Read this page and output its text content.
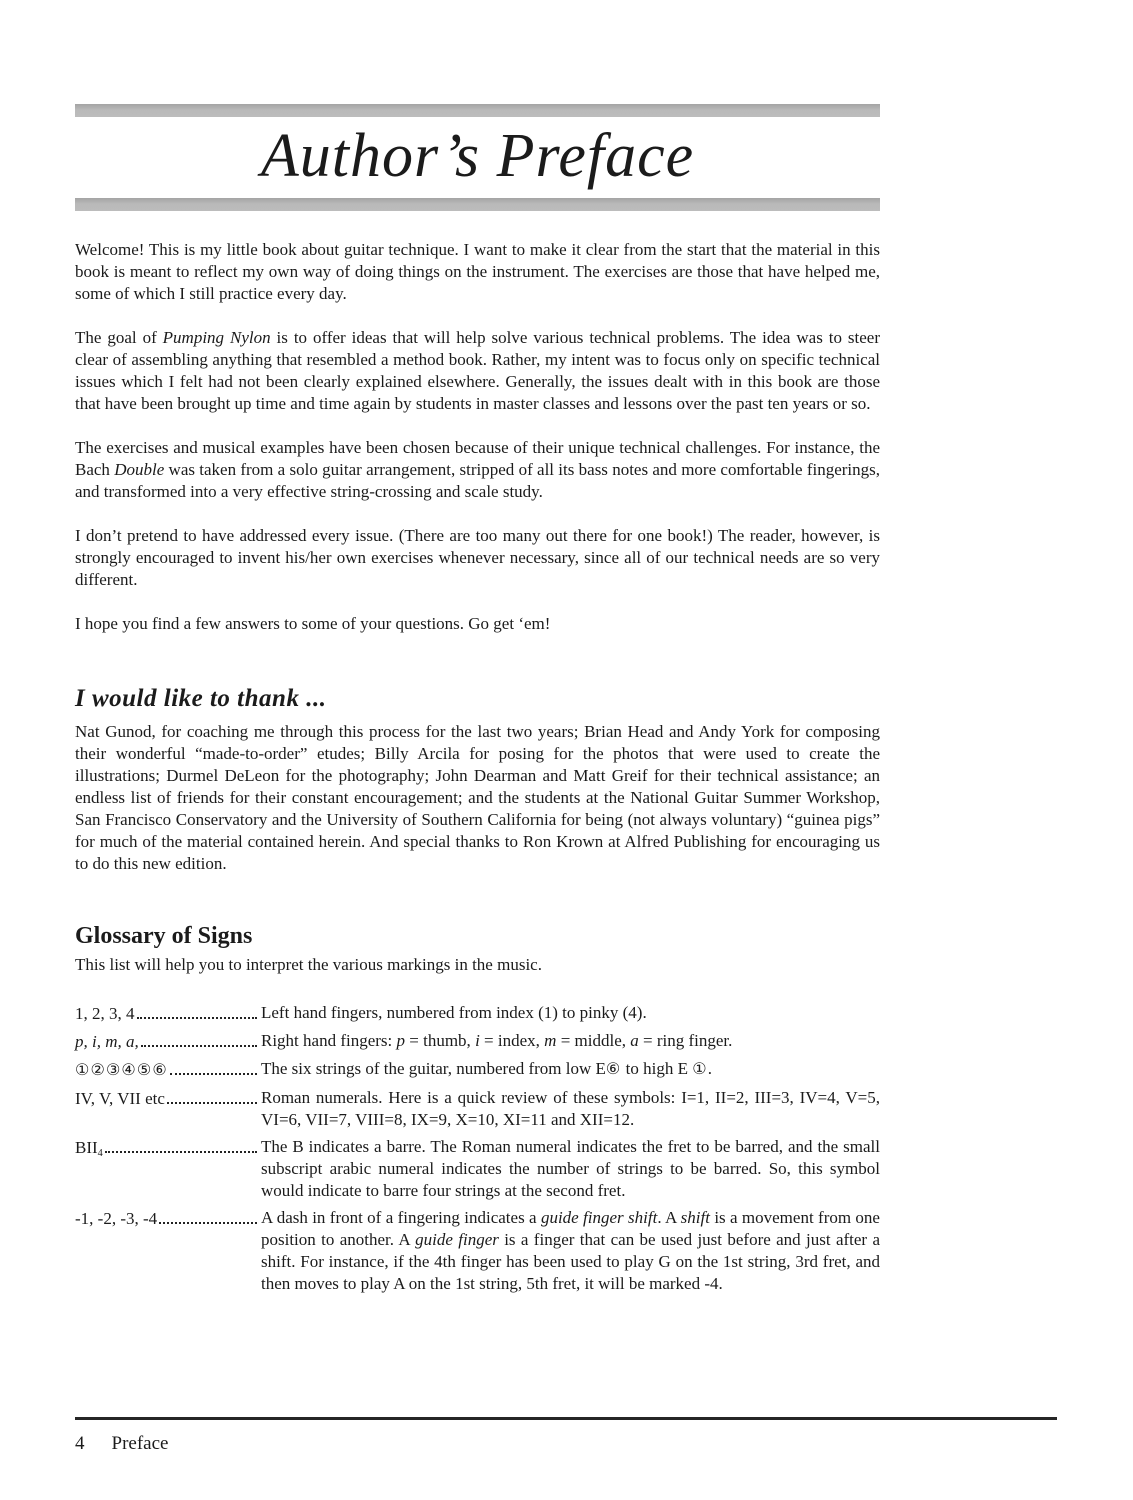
Author’s Preface

Welcome! This is my little book about guitar technique. I want to make it clear from the start that the material in this book is meant to reflect my own way of doing things on the instrument. The exercises are those that have helped me, some of which I still practice every day.

The goal of Pumping Nylon is to offer ideas that will help solve various technical problems. The idea was to steer clear of assembling anything that resembled a method book. Rather, my intent was to focus only on specific technical issues which I felt had not been clearly explained elsewhere. Generally, the issues dealt with in this book are those that have been brought up time and time again by students in master classes and lessons over the past ten years or so.

The exercises and musical examples have been chosen because of their unique technical challenges. For instance, the Bach Double was taken from a solo guitar arrangement, stripped of all its bass notes and more comfortable fingerings, and transformed into a very effective string-crossing and scale study.

I don’t pretend to have addressed every issue. (There are too many out there for one book!) The reader, however, is strongly encouraged to invent his/her own exercises whenever necessary, since all of our technical needs are so very different.

I hope you find a few answers to some of your questions. Go get ‘em!

I would like to thank ...

Nat Gunod, for coaching me through this process for the last two years; Brian Head and Andy York for composing their wonderful “made-to-order” etudes; Billy Arcila for posing for the photos that were used to create the illustrations; Durmel DeLeon for the photography; John Dearman and Matt Greif for their technical assistance; an endless list of friends for their constant encouragement; and the students at the National Guitar Summer Workshop, San Francisco Conservatory and the University of Southern California for being (not always voluntary) “guinea pigs” for much of the material contained herein. And special thanks to Ron Krown at Alfred Publishing for encouraging us to do this new edition.

Glossary of Signs

This list will help you to interpret the various markings in the music.

1, 2, 3, 4	Left hand fingers, numbered from index (1) to pinky (4).
p, i, m, a,	Right hand fingers: p = thumb, i = index, m = middle, a = ring finger.
①②③④⑤⑥	The six strings of the guitar, numbered from low E⑥ to high E ①.
IV, V, VII etc	Roman numerals. Here is a quick review of these symbols: I=1, II=2, III=3, IV=4, V=5, VI=6, VII=7, VIII=8, IX=9, X=10, XI=11 and XII=12.
$BII_4$	The B indicates a barre. The Roman numeral indicates the fret to be barred, and the small subscript arabic numeral indicates the number of strings to be barred. So, this symbol would indicate to barre four strings at the second fret.
-1, -2, -3, -4	A dash in front of a fingering indicates a guide finger shift. A shift is a movement from one position to another. A guide finger is a finger that can be used just before and just after a shift. For instance, if the 4th finger has been used to play G on the 1st string, 3rd fret, and then moves to play A on the 1st string, 5th fret, it will be marked -4.
4 Preface
